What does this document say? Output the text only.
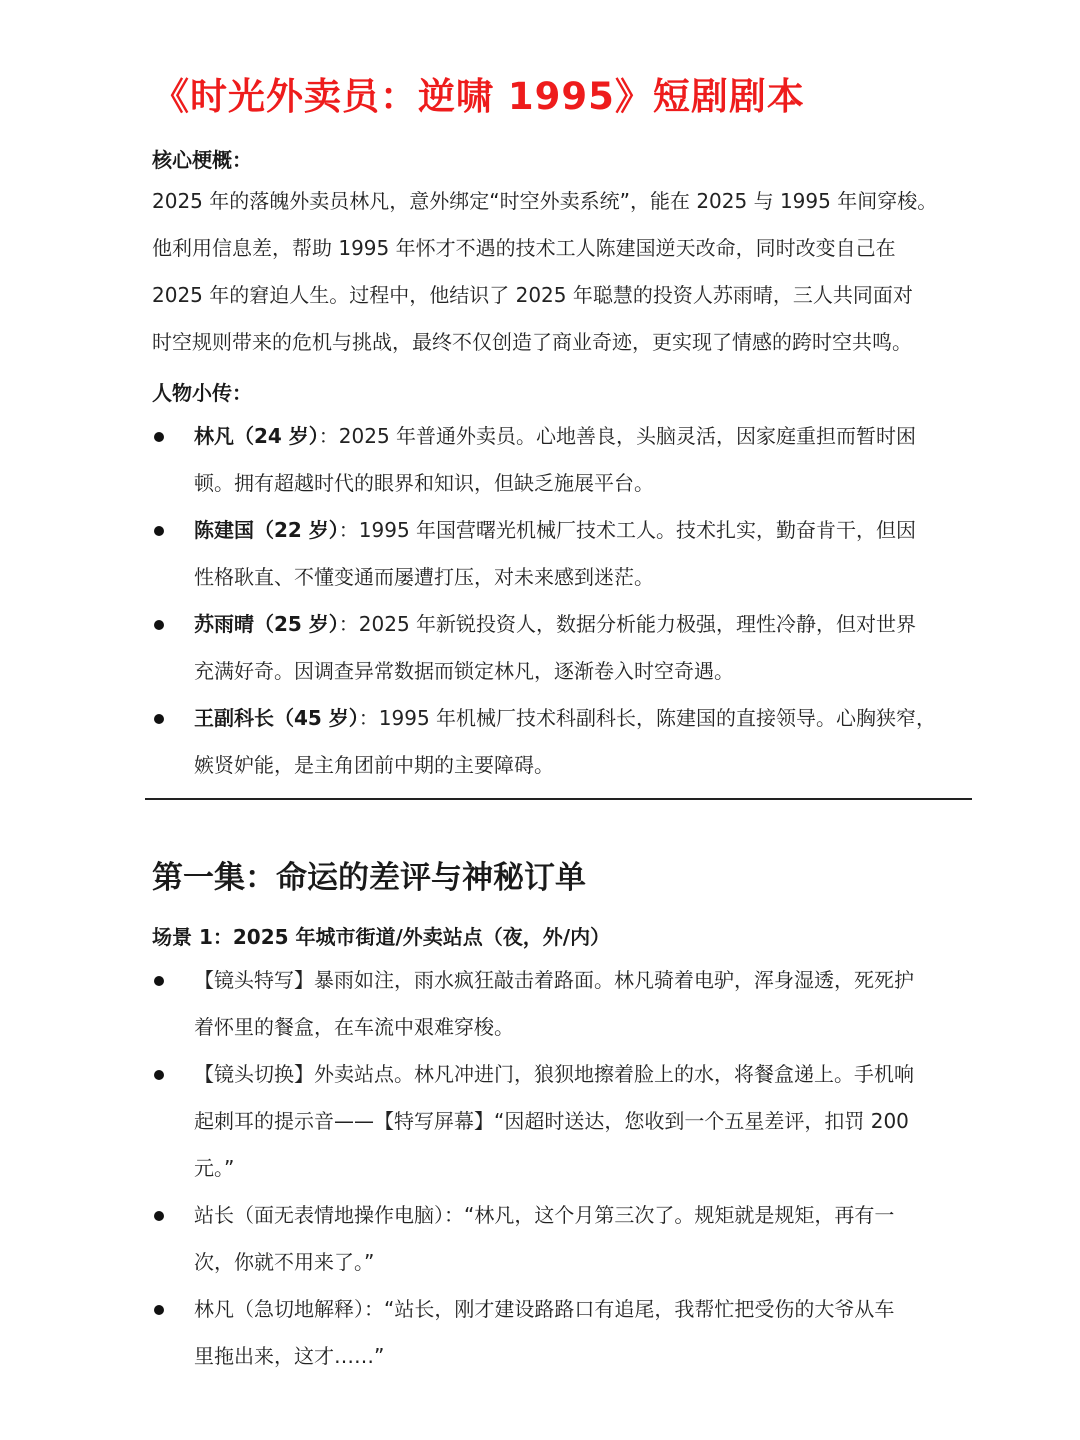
《时光外卖员：逆啸 1995》短剧剧本

核心梗概：

2025 年的落魄外卖员林凡，意外绑定“时空外卖系统”，能在 2025 与 1995 年间穿梭。
他利用信息差，帮助 1995 年怀才不遇的技术工人陈建国逆天改命，同时改变自己在
2025 年的窘迫人生。过程中，他结识了 2025 年聪慧的投资人苏雨晴，三人共同面对
时空规则带来的危机与挑战，最终不仅创造了商业奇迹，更实现了情感的跨时空共鸣。

人物小传：

林凡（24 岁）：2025 年普通外卖员。心地善良，头脑灵活，因家庭重担而暂时困
顿。拥有超越时代的眼界和知识，但缺乏施展平台。
陈建国（22 岁）：1995 年国营曙光机械厂技术工人。技术扎实，勤奋肯干，但因
性格耿直、不懂变通而屡遭打压，对未来感到迷茫。
苏雨晴（25 岁）：2025 年新锐投资人，数据分析能力极强，理性冷静，但对世界
充满好奇。因调查异常数据而锁定林凡，逐渐卷入时空奇遇。
王副科长（45 岁）：1995 年机械厂技术科副科长，陈建国的直接领导。心胸狭窄，
嫉贤妒能，是主角团前中期的主要障碍。
第一集：命运的差评与神秘订单

场景 1：2025 年城市街道/外卖站点（夜，外/内）

【镜头特写】暴雨如注，雨水疯狂敲击着路面。林凡骑着电驴，浑身湿透，死死护
着怀里的餐盒，在车流中艰难穿梭。
【镜头切换】外卖站点。林凡冲进门，狼狈地擦着脸上的水，将餐盒递上。手机响
起刺耳的提示音——【特写屏幕】“因超时送达，您收到一个五星差评，扣罚 200
元。”
站长（面无表情地操作电脑）：“林凡，这个月第三次了。规矩就是规矩，再有一
次，你就不用来了。”
林凡（急切地解释）：“站长，刚才建设路路口有追尾，我帮忙把受伤的大爷从车
里拖出来，这才……”
